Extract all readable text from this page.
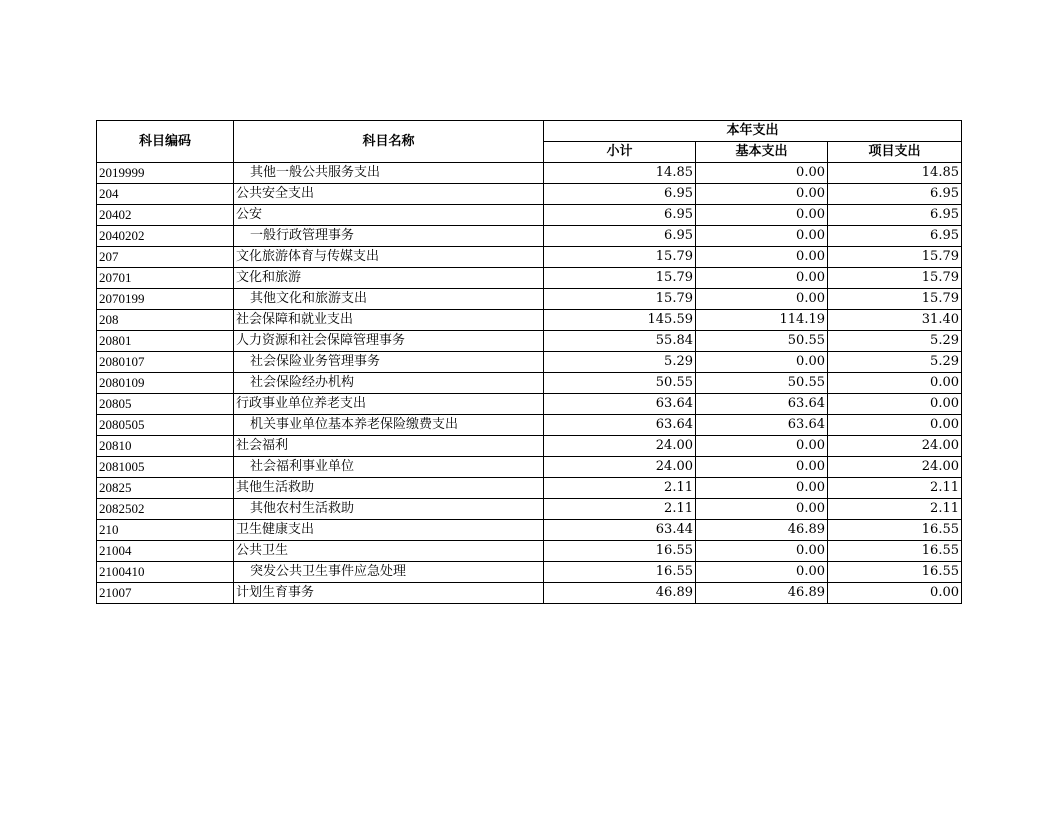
科目编码	科目名称	本年支出		
		小计	基本支出	项目支出
2019999	其他一般公共服务支出	14.85	0.00	14.85
204	公共安全支出	6.95	0.00	6.95
20402	公安	6.95	0.00	6.95
2040202	一般行政管理事务	6.95	0.00	6.95
207	文化旅游体育与传媒支出	15.79	0.00	15.79
20701	文化和旅游	15.79	0.00	15.79
2070199	其他文化和旅游支出	15.79	0.00	15.79
208	社会保障和就业支出	145.59	114.19	31.40
20801	人力资源和社会保障管理事务	55.84	50.55	5.29
2080107	社会保险业务管理事务	5.29	0.00	5.29
2080109	社会保险经办机构	50.55	50.55	0.00
20805	行政事业单位养老支出	63.64	63.64	0.00
2080505	机关事业单位基本养老保险缴费支出	63.64	63.64	0.00
20810	社会福利	24.00	0.00	24.00
2081005	社会福利事业单位	24.00	0.00	24.00
20825	其他生活救助	2.11	0.00	2.11
2082502	其他农村生活救助	2.11	0.00	2.11
210	卫生健康支出	63.44	46.89	16.55
21004	公共卫生	16.55	0.00	16.55
2100410	突发公共卫生事件应急处理	16.55	0.00	16.55
21007	计划生育事务	46.89	46.89	0.00
